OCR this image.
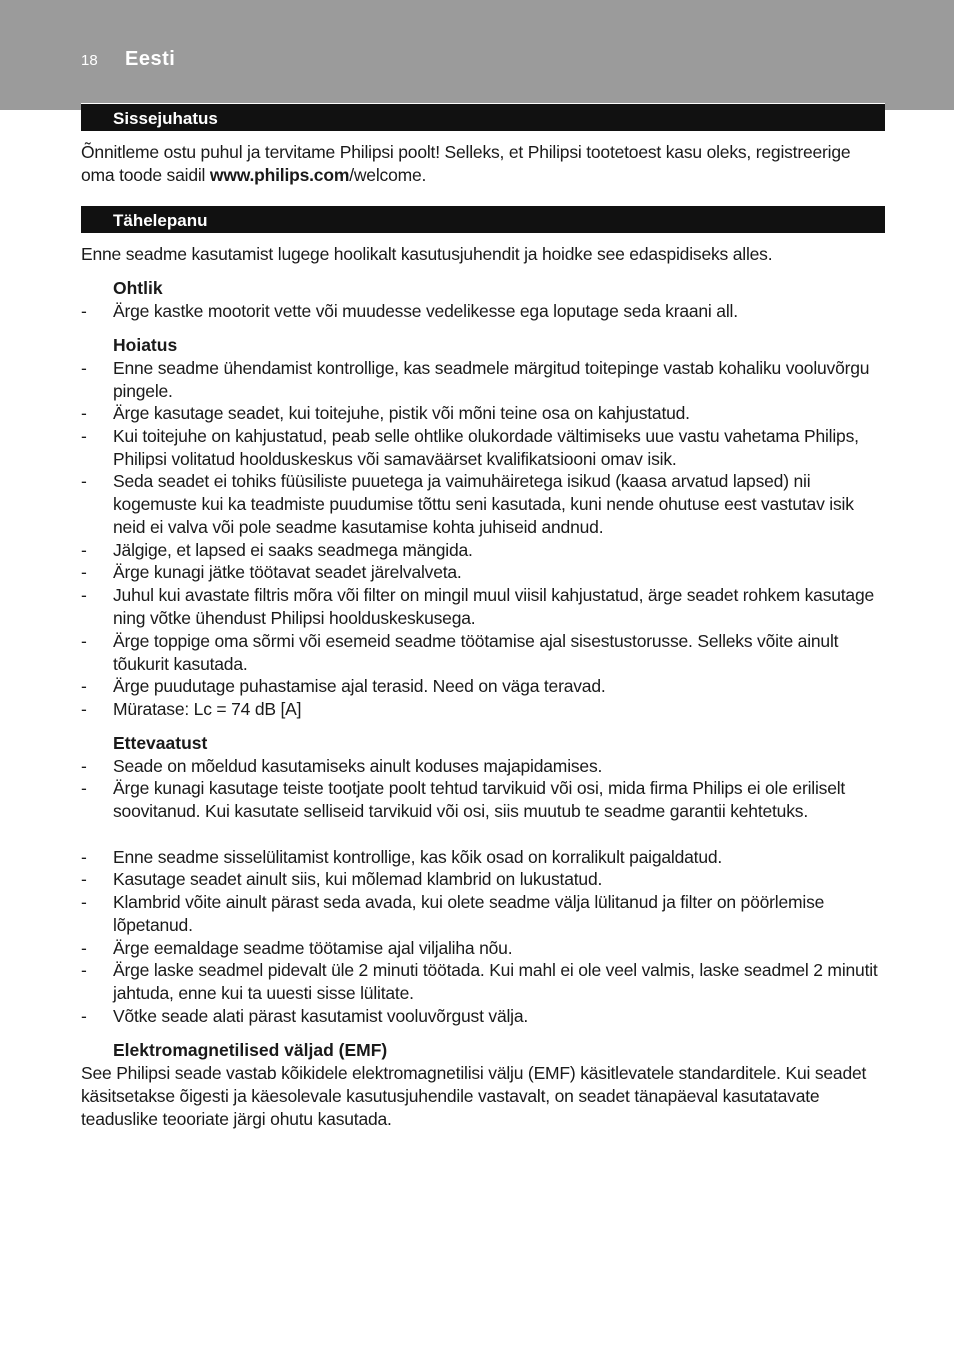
18 Eesti
Sissejuhatus
Õnnitleme ostu puhul ja tervitame Philipsi poolt! Selleks, et Philipsi tootetoest kasu oleks, registreerige oma toode saidil www.philips.com/welcome.
Tähelepanu
Enne seadme kasutamist lugege hoolikalt kasutusjuhendit ja hoidke see edaspidiseks alles.
Ohtlik
- Ärge kastke mootorit vette või muudesse vedelikesse ega loputage seda kraani all.
Hoiatus
- Enne seadme ühendamist kontrollige, kas seadmele märgitud toitepinge vastab kohaliku vooluvõrgu pingele.
- Ärge kasutage seadet, kui toitejuhe, pistik või mõni teine osa on kahjustatud.
- Kui toitejuhe on kahjustatud, peab selle ohtlike olukordade vältimiseks uue vastu vahetama Philips, Philipsi volitatud hoolduskeskus või samaväärset kvalifikatsiooni omav isik.
- Seda seadet ei tohiks füüsiliste puuetega ja vaimuhäiretega isikud (kaasa arvatud lapsed) nii kogemuste kui ka teadmiste puudumise tõttu seni kasutada, kuni nende ohutuse eest vastutav isik neid ei valva või pole seadme kasutamise kohta juhiseid andnud.
- Jälgige, et lapsed ei saaks seadmega mängida.
- Ärge kunagi jätke töötavat seadet järelvalveta.
- Juhul kui avastate filtris mõra või filter on mingil muul viisil kahjustatud, ärge seadet rohkem kasutage ning võtke ühendust Philipsi hoolduskeskusega.
- Ärge toppige oma sõrmi või esemeid seadme töötamise ajal sisestustorusse. Selleks võite ainult tõukurit kasutada.
- Ärge puudutage puhastamise ajal terasid. Need on väga teravad.
- Müratase: Lc = 74 dB [A]
Ettevaatust
- Seade on mõeldud kasutamiseks ainult koduses majapidamises.
- Ärge kunagi kasutage teiste tootjate poolt tehtud tarvikuid või osi, mida firma Philips ei ole eriliselt soovitanud. Kui kasutate selliseid tarvikuid või osi, siis muutub te seadme garantii kehtetuks.
- Enne seadme sisselülitamist kontrollige, kas kõik osad on korralikult paigaldatud.
- Kasutage seadet ainult siis, kui mõlemad klambrid on lukustatud.
- Klambrid võite ainult pärast seda avada, kui olete seadme välja lülitanud ja filter on pöörlemise lõpetanud.
- Ärge eemaldage seadme töötamise ajal viljaliha nõu.
- Ärge laske seadmel pidevalt üle 2 minuti töötada. Kui mahl ei ole veel valmis, laske seadmel 2 minutit jahtuda, enne kui ta uuesti sisse lülitate.
- Võtke seade alati pärast kasutamist vooluvõrgust välja.
Elektromagnetilised väljad (EMF)
See Philipsi seade vastab kõikidele elektromagnetilisi välju (EMF) käsitlevatele standarditele. Kui seadet käsitsetakse õigesti ja käesolevale kasutusjuhendile vastavalt, on seadet tänapäeval kasutatavate teaduslike teooriate järgi ohutu kasutada.
